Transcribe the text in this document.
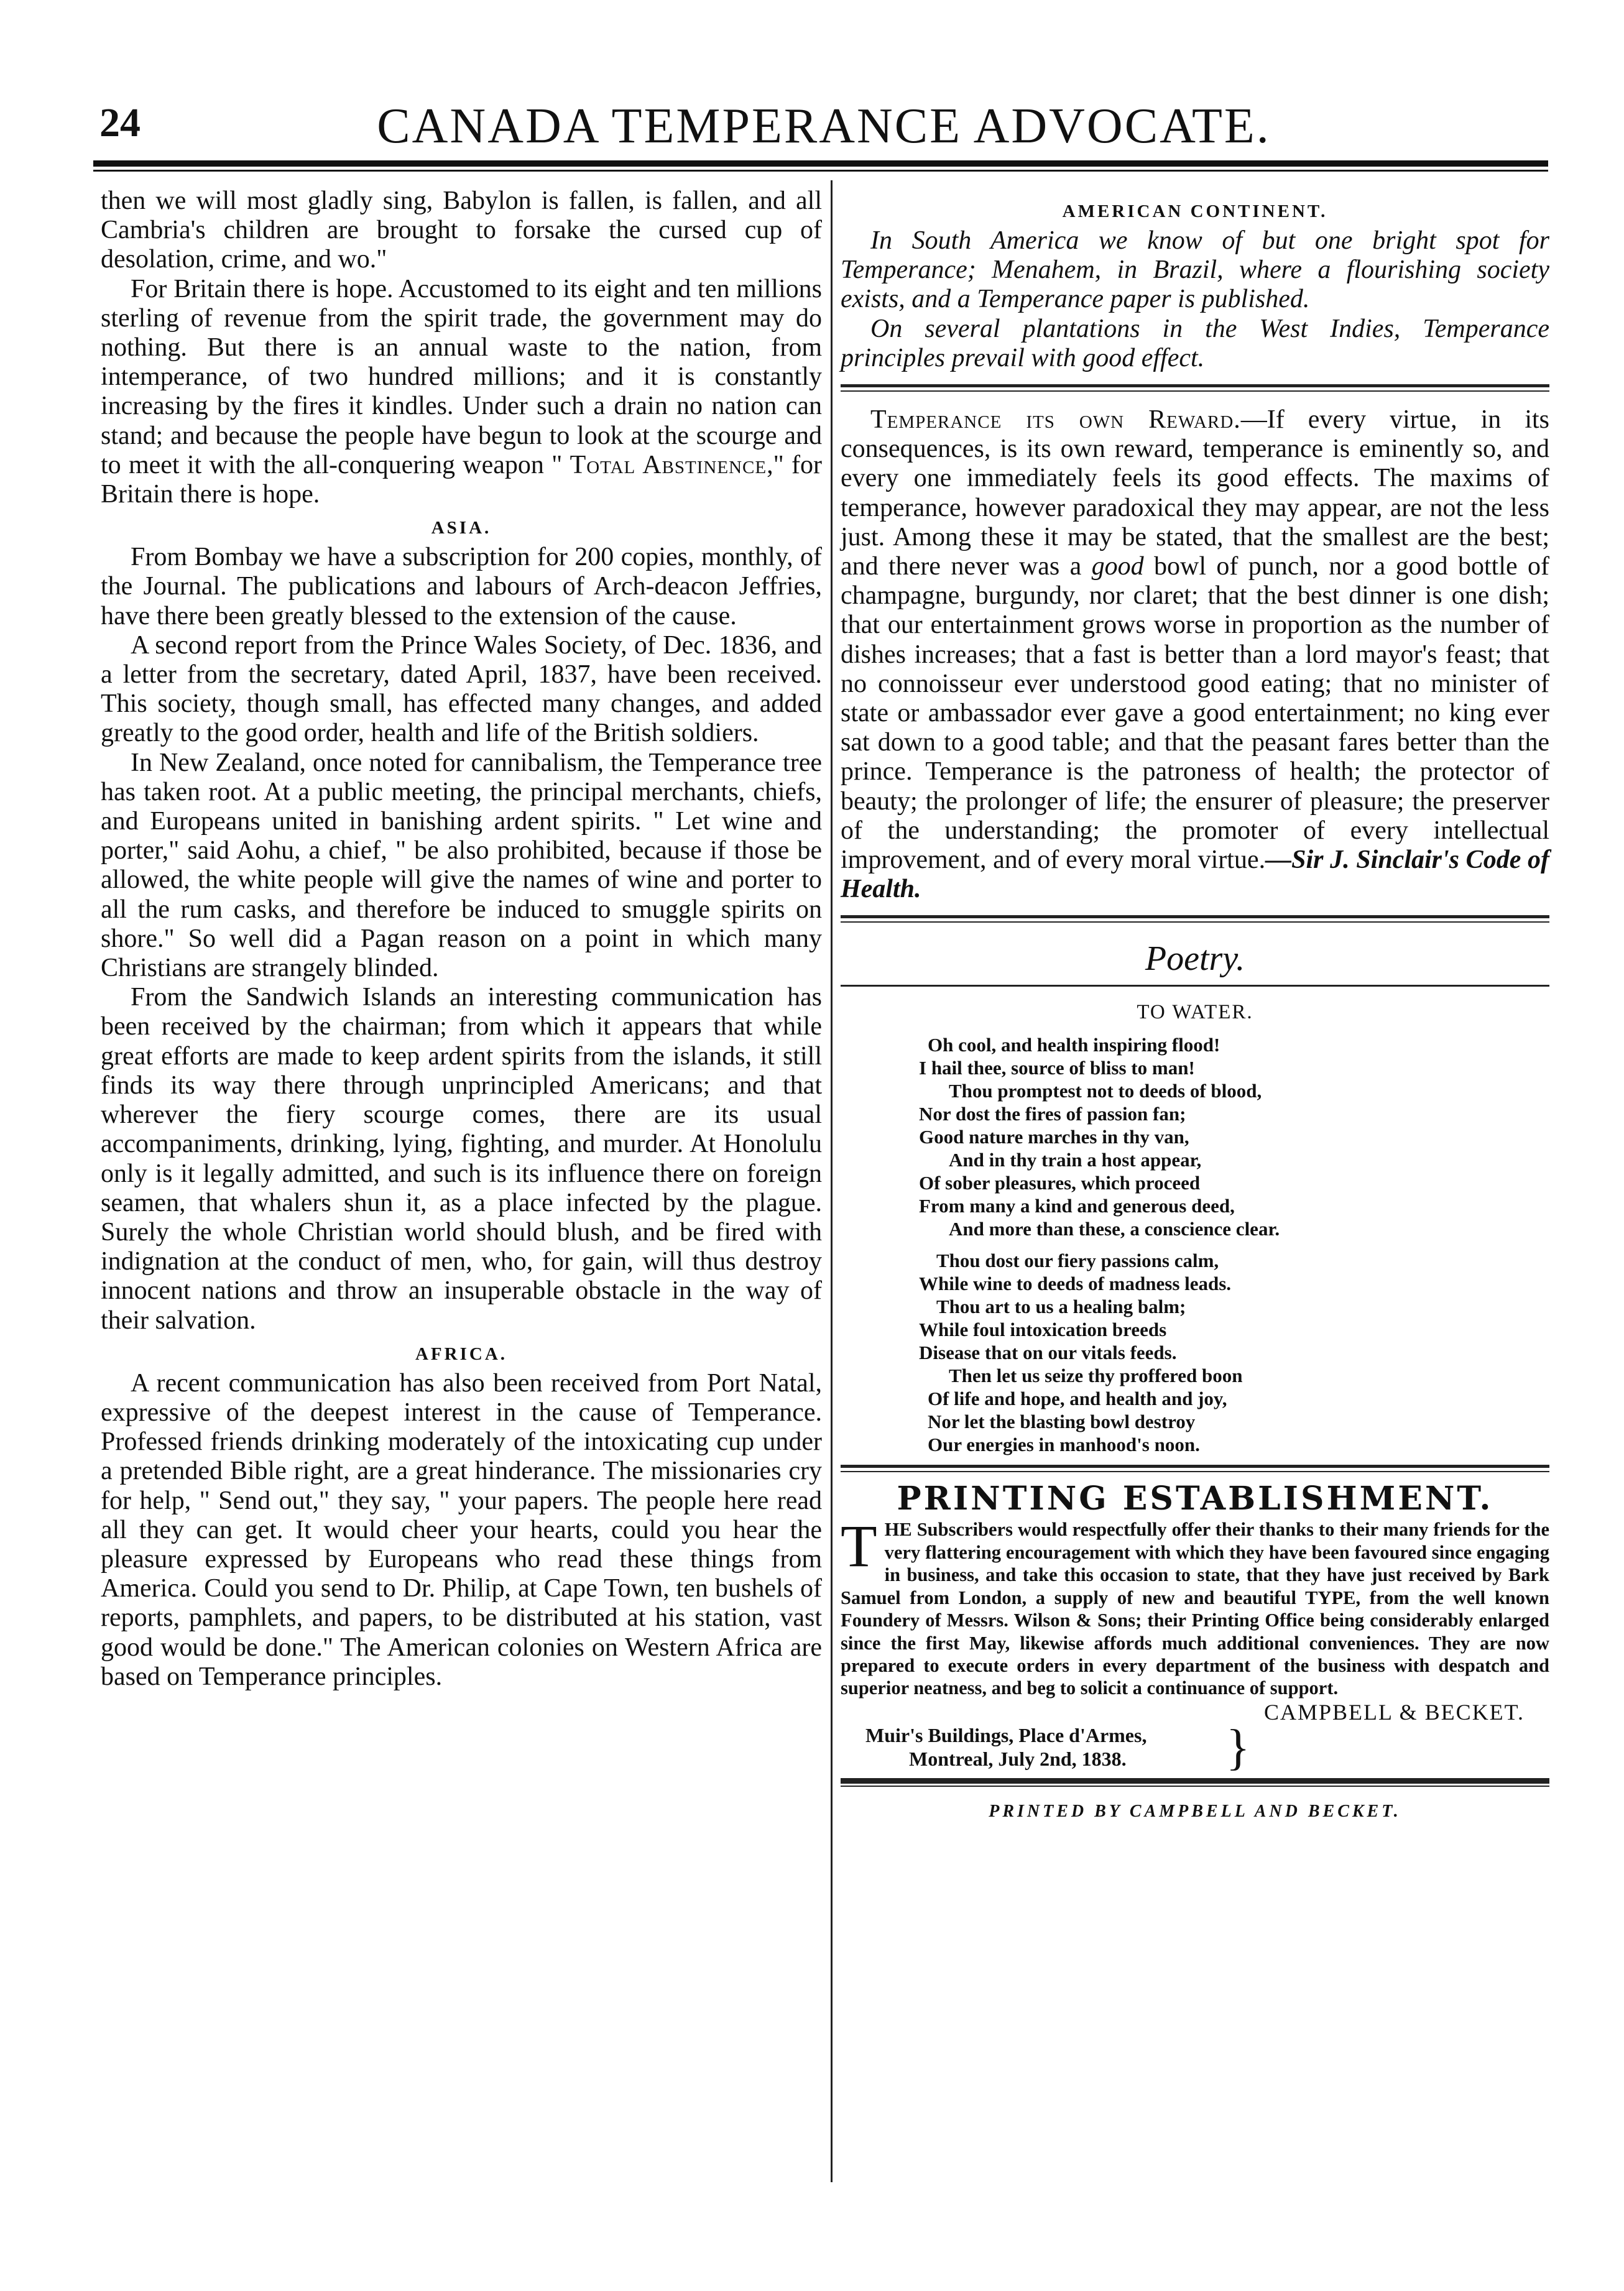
24	CANADA TEMPERANCE ADVOCATE.

then we will most gladly sing, Babylon is fallen, is fallen, and all Cambria's children are brought to forsake the cursed cup of desolation, crime, and wo."

For Britain there is hope. Accustomed to its eight and ten millions sterling of revenue from the spirit trade, the government may do nothing. But there is an annual waste to the nation, from intemperance, of two hundred millions; and it is constantly increasing by the fires it kindles. Under such a drain no nation can stand; and because the people have begun to look at the scourge and to meet it with the all-conquering weapon " Total Abstinence," for Britain there is hope.

ASIA.

From Bombay we have a subscription for 200 copies, monthly, of the Journal. The publications and labours of Arch-deacon Jeffries, have there been greatly blessed to the extension of the cause.

A second report from the Prince Wales Society, of Dec. 1836, and a letter from the secretary, dated April, 1837, have been received. This society, though small, has effected many changes, and added greatly to the good order, health and life of the British soldiers.

In New Zealand, once noted for cannibalism, the Temperance tree has taken root. At a public meeting, the principal merchants, chiefs, and Europeans united in banishing ardent spirits. " Let wine and porter," said Aohu, a chief, " be also prohibited, because if those be allowed, the white people will give the names of wine and porter to all the rum casks, and therefore be induced to smuggle spirits on shore." So well did a Pagan reason on a point in which many Christians are strangely blinded.

From the Sandwich Islands an interesting communication has been received by the chairman; from which it appears that while great efforts are made to keep ardent spirits from the islands, it still finds its way there through unprincipled Americans; and that wherever the fiery scourge comes, there are its usual accompaniments, drinking, lying, fighting, and murder. At Honolulu only is it legally admitted, and such is its influence there on foreign seamen, that whalers shun it, as a place infected by the plague. Surely the whole Christian world should blush, and be fired with indignation at the conduct of men, who, for gain, will thus destroy innocent nations and throw an insuperable obstacle in the way of their salvation.

AFRICA.

A recent communication has also been received from Port Natal, expressive of the deepest interest in the cause of Temperance. Professed friends drinking moderately of the intoxicating cup under a pretended Bible right, are a great hinderance. The missionaries cry for help, " Send out," they say, " your papers. The people here read all they can get. It would cheer your hearts, could you hear the pleasure expressed by Europeans who read these things from America. Could you send to Dr. Philip, at Cape Town, ten bushels of reports, pamphlets, and papers, to be distributed at his station, vast good would be done." The American colonies on Western Africa are based on Temperance principles.

AMERICAN CONTINENT.

In South America we know of but one bright spot for Temperance; Menahem, in Brazil, where a flourishing society exists, and a Temperance paper is published.

On several plantations in the West Indies, Temperance principles prevail with good effect.

Temperance its own Reward.—If every virtue, in its consequences, is its own reward, temperance is eminently so, and every one immediately feels its good effects. The maxims of temperance, however paradoxical they may appear, are not the less just. Among these it may be stated, that the smallest are the best; and there never was a good bowl of punch, nor a good bottle of champagne, burgundy, nor claret; that the best dinner is one dish; that our entertainment grows worse in proportion as the number of dishes increases; that a fast is better than a lord mayor's feast; that no connoisseur ever understood good eating; that no minister of state or ambassador ever gave a good entertainment; no king ever sat down to a good table; and that the peasant fares better than the prince. Temperance is the patroness of health; the protector of beauty; the prolonger of life; the ensurer of pleasure; the preserver of the understanding; the promoter of every intellectual improvement, and of every moral virtue.—Sir J. Sinclair's Code of Health.

Poetry.
TO WATER.
Oh cool, and health inspiring flood!
I hail thee, source of bliss to man!
Thou promptest not to deeds of blood,
Nor dost the fires of passion fan;
Good nature marches in thy van,
And in thy train a host appear,
Of sober pleasures, which proceed
From many a kind and generous deed,
And more than these, a conscience clear.
Thou dost our fiery passions calm,
While wine to deeds of madness leads.
Thou art to us a healing balm;
While foul intoxication breeds
Disease that on our vitals feeds.
Then let us seize thy proffered boon
Of life and hope, and health and joy,
Nor let the blasting bowl destroy
Our energies in manhood's noon.
PRINTING ESTABLISHMENT.
THE Subscribers would respectfully offer their thanks to their many friends for the very flattering encouragement with which they have been favoured since engaging in business, and take this occasion to state, that they have just received by Bark Samuel from London, a supply of new and beautiful TYPE, from the well known Foundery of Messrs. Wilson & Sons; their Printing Office being considerably enlarged since the first May, likewise affords much additional conveniences. They are now prepared to execute orders in every department of the business with despatch and superior neatness, and beg to solicit a continuance of support.
CAMPBELL & BECKET.
Muir's Buildings, Place d'Armes,
Montreal, July 2nd, 1838.	}
PRINTED BY CAMPBELL AND BECKET.
